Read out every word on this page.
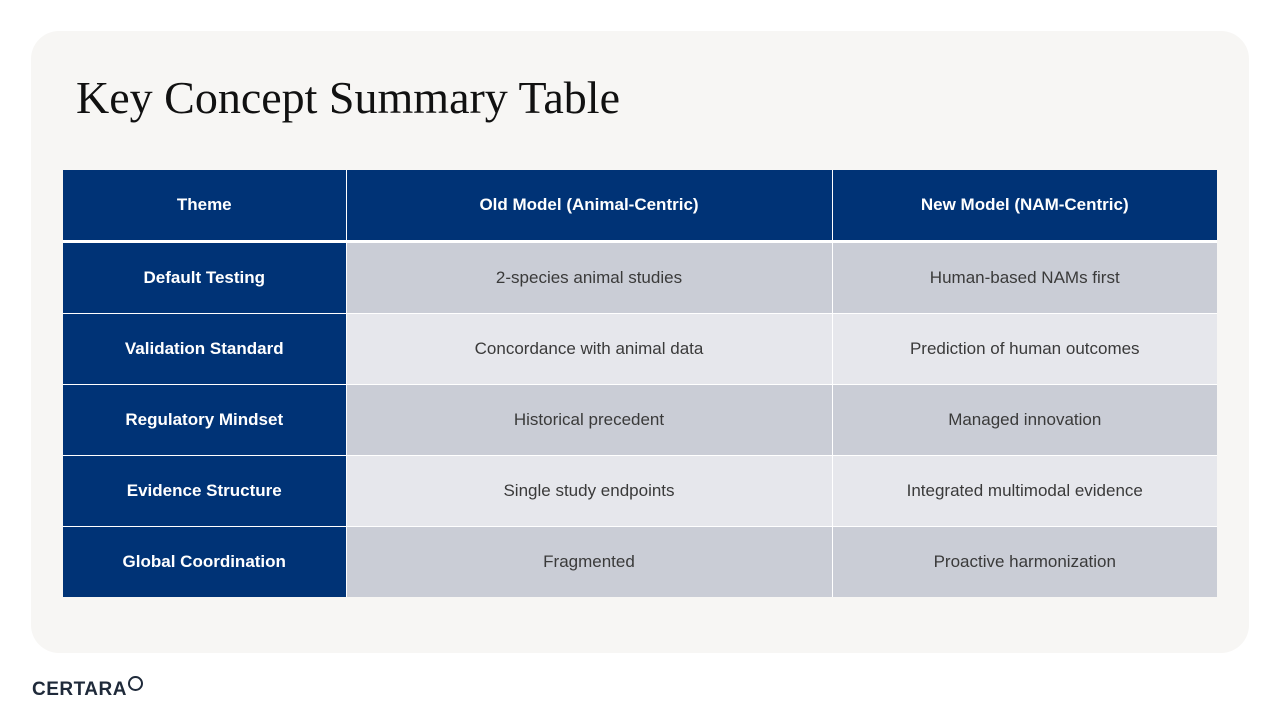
Key Concept Summary Table
Theme	Old Model (Animal-Centric)	New Model (NAM-Centric)
Default Testing	2-species animal studies	Human-based NAMs first
Validation Standard	Concordance with animal data	Prediction of human outcomes
Regulatory Mindset	Historical precedent	Managed innovation
Evidence Structure	Single study endpoints	Integrated multimodal evidence
Global Coordination	Fragmented	Proactive harmonization
CERTARA
